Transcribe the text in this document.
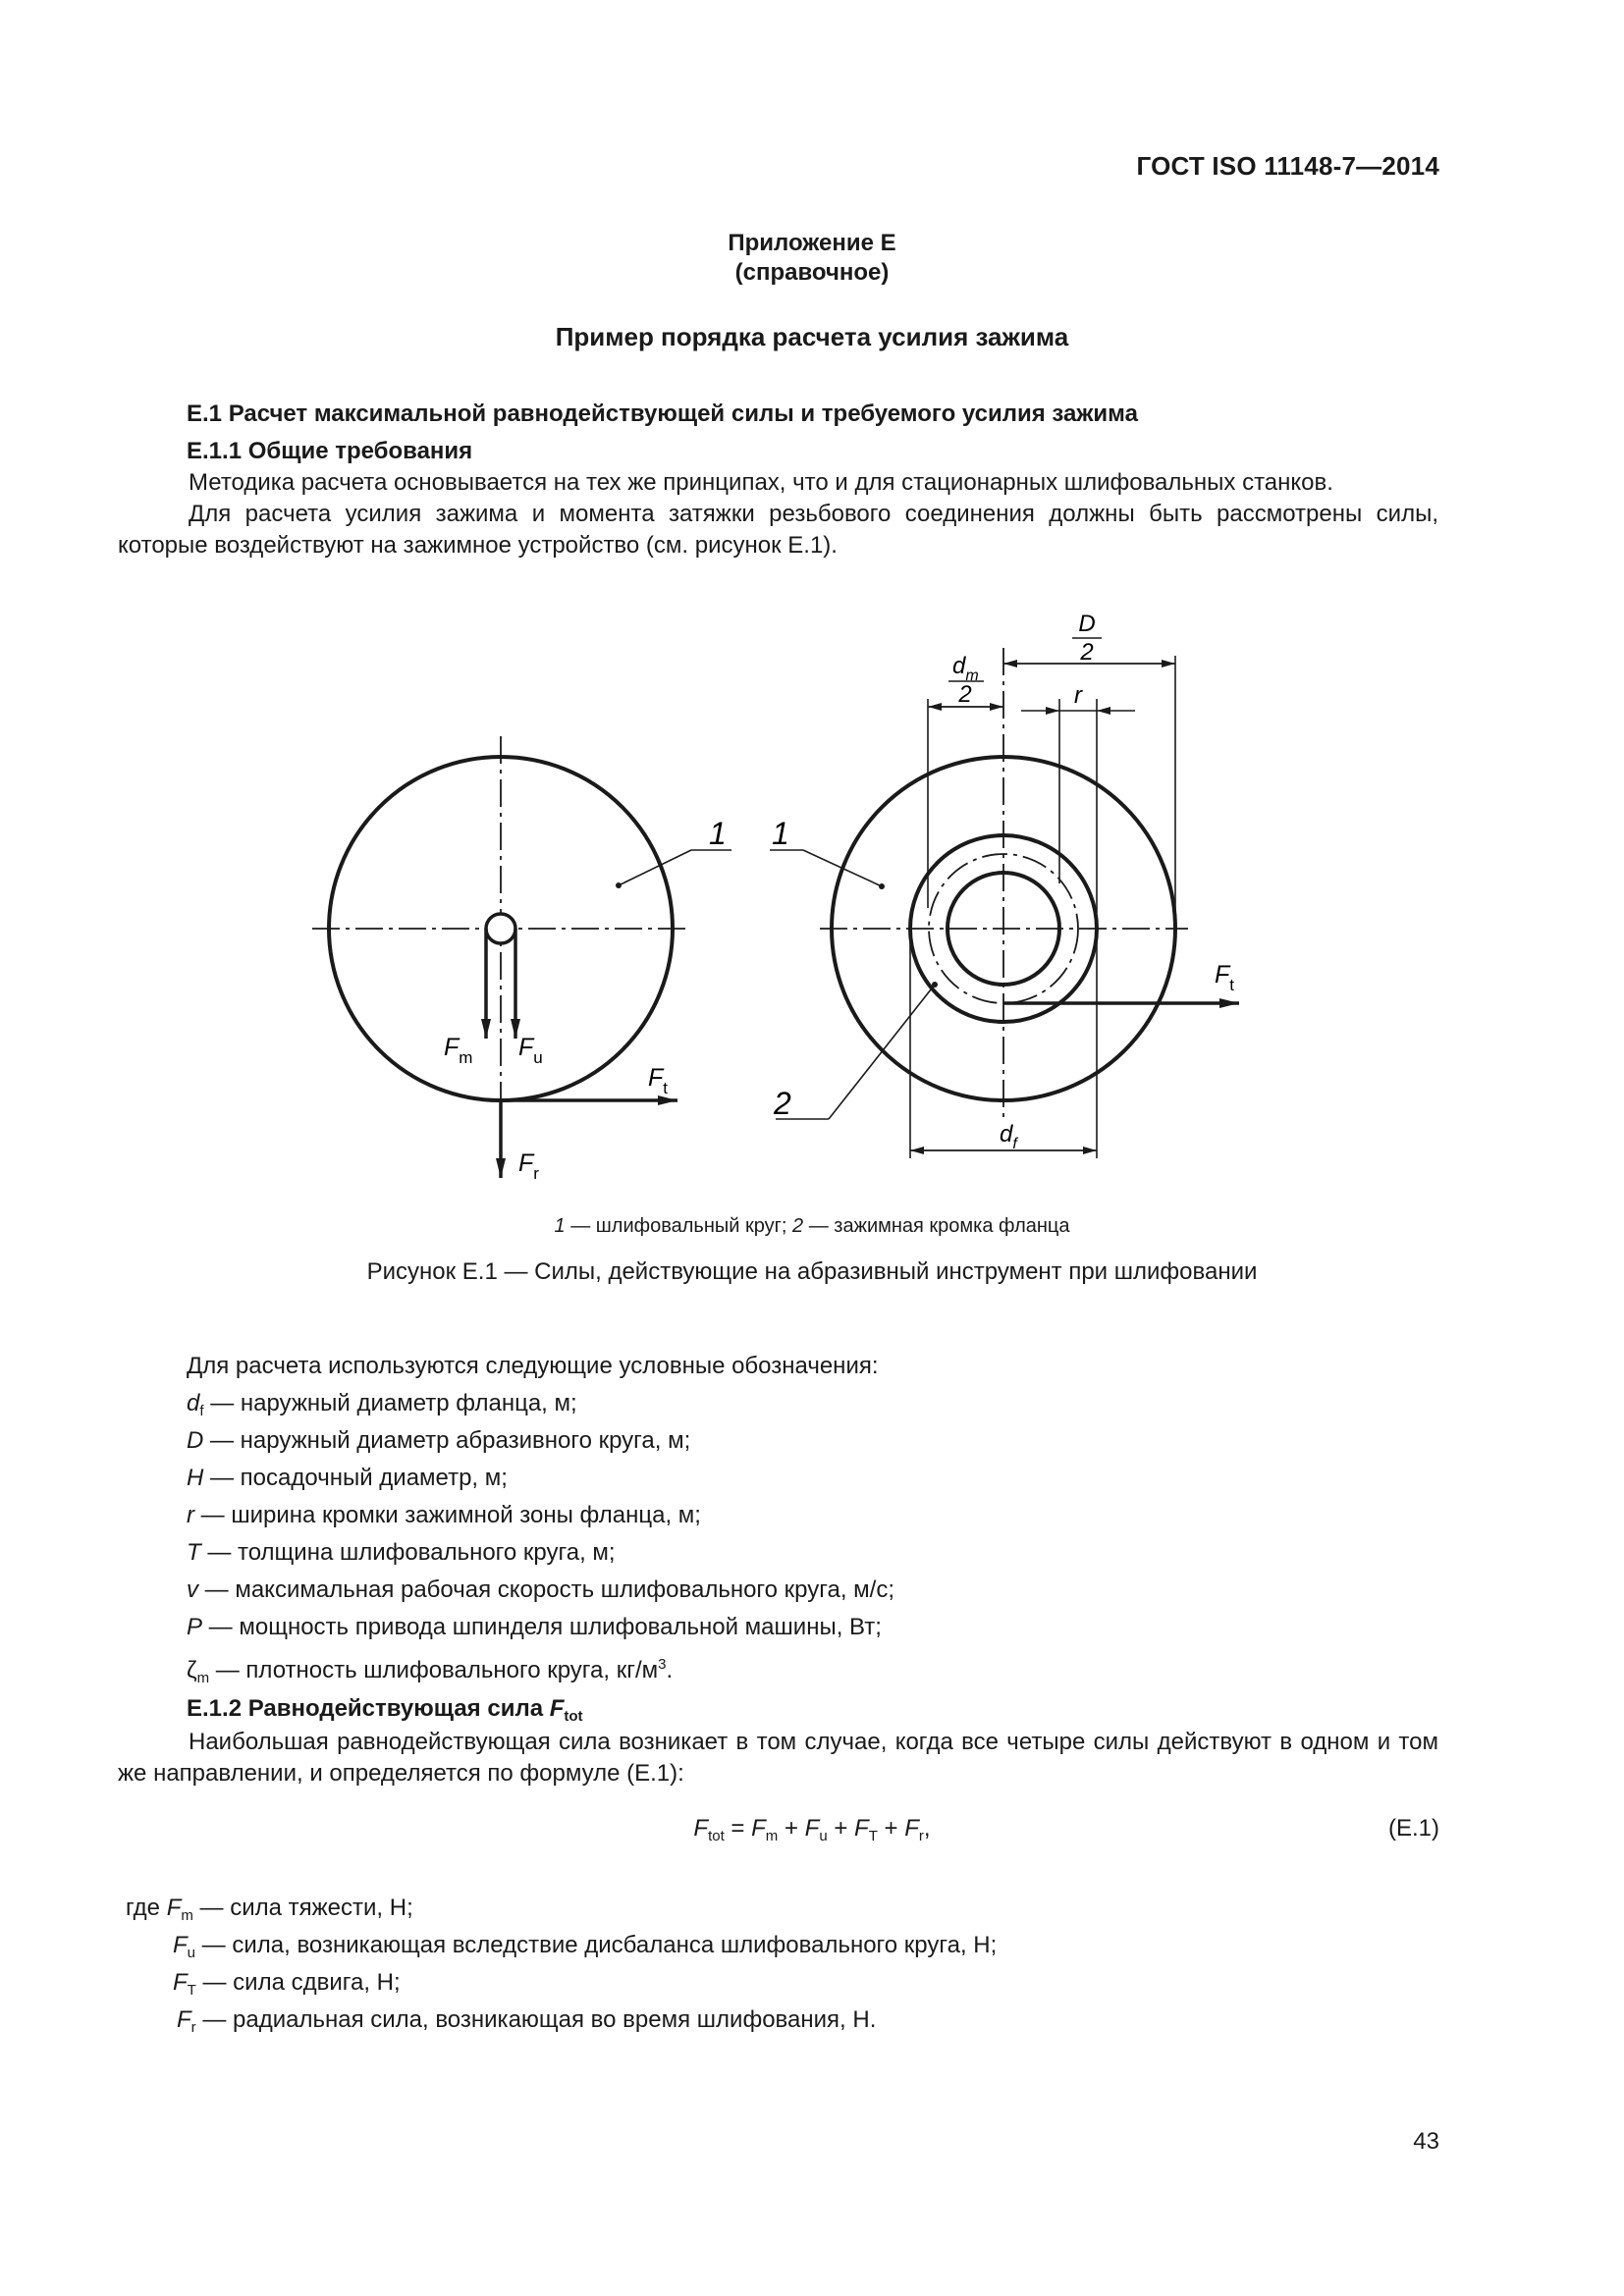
ГОСТ ISO 11148-7—2014
Приложение Е
(справочное)
Пример порядка расчета усилия зажима
Е.1 Расчет максимальной равнодействующей силы и требуемого усилия зажима
Е.1.1 Общие требования
Методика расчета основывается на тех же принципах, что и для стационарных шлифовальных станков.
Для расчета усилия зажима и момента затяжки резьбового соединения должны быть рассмотрены силы, которые воздействуют на зажимное устройство (см. рисунок Е.1).
$F_m$ $F_u$
$F_t$
$F_r$
1
$F_t$
D
2
$d_m$
2	r
$d_f$
1
2
1 — шлифовальный круг; 2 — зажимная кромка фланца
Рисунок Е.1 — Силы, действующие на абразивный инструмент при шлифовании
Для расчета используются следующие условные обозначения:
$d_f$ — наружный диаметр фланца, м;
D — наружный диаметр абразивного круга, м;
H — посадочный диаметр, м;
r — ширина кромки зажимной зоны фланца, м;
T — толщина шлифовального круга, м;
v — максимальная рабочая скорость шлифовального круга, м/с;
P — мощность привода шпинделя шлифовальной машины, Вт;
$\zeta_m$ — плотность шлифовального круга, $кг/м^3$.
Е.1.2 Равнодействующая сила $F_{tot}$
Наибольшая равнодействующая сила возникает в том случае, когда все четыре силы действуют в одном и том же направлении, и определяется по формуле (Е.1):
$F_{tot} = F_m + F_u + F_T + F_r$,	(Е.1)
где $F_m$ — сила тяжести, Н;
$F_u$ — сила, возникающая вследствие дисбаланса шлифовального круга, Н;
$F_T$ — сила сдвига, Н;
$F_r$ — радиальная сила, возникающая во время шлифования, Н.
43
